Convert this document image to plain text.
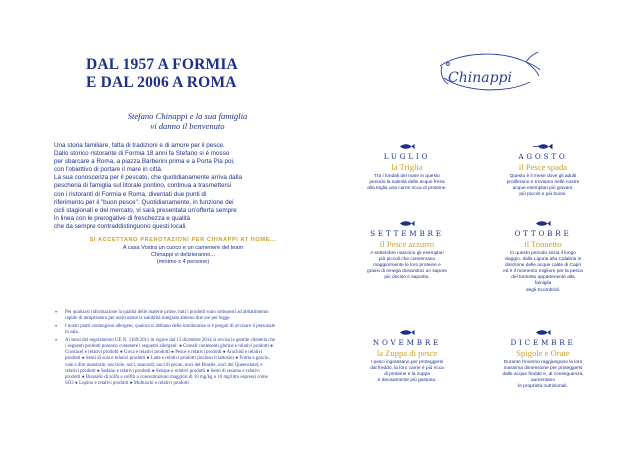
DAL 1957 A FORMIA
E DAL 2006 A ROMA
Stefano Chinappi e la sua famiglia
vi danno il benvenuto

Una storia familiare, fatta di tradizioni e di amore per il pesce.
Dallo storico ristorante di Formia 18 anni fa Stefano si è mosso
per sbarcare a Roma, a piazza Barberini prima e a Porta Pia poi,
con l'obiettivo di portare il mare in città.

La sua conoscenza per il pescato, che quotidianamente arriva dalla
pescheria di famiglia sul litorale pontino, continua a trasmettersi
con i ristoranti di Formia e Roma, diventati due punti di
riferimento per il "buon pesce". Quotidianamente, in funzione dei
cicli stagionali e del mercato, vi sarà presentata un'offerta sempre
in linea con le prerogative di freschezza e qualità
che da sempre contraddistinguono questi locali.

SI ACCETTANO PRENOTAZIONI PER CHINAPPI AT HOME...
A casa Vostra un cuoco e un cameriere del team
Chinappi vi delizieranno...
(minimo x 4 persone)
• Per qualsiasi informazione la qualità delle materie prime, tutti i prodotti sono sottoposti ad abbattimento rapido di temperatura per assicurarne la salubrità integrale almeno due ore per legge.
• I nostri piatti contengono allergeni, qualora si abbiano delle intolleranze si è pregati di avvisare il personale in sala.
• Ai sensi del regolamento UE N. 1169/2011 in vigore dal 13 dicembre 2014 si avvisa la gentile clientela che i seguenti prodotti possono contenere i seguenti allergeni: ● Cereali contenenti glutine e relativi prodotti ● Crostacei e relativi prodotti ● Uova e relativi prodotti ● Pesce e relativi prodotti ● Arachidi e relativi prodotti ● Semi di soia e relativi prodotti ● Latte e relativi prodotti (incluso il lattosio) ● Frutta a guscio, vale a dire mandorle, nocciole, noci, anacardi, noci di pecan, noci del Brasile, noci del Queensland, e relativi prodotti ● Sedano e relativi prodotti ● Senape e relativi prodotti ● Semi di sesamo e relativi prodotti ● Biossido di zolfo e solfiti a concentrazioni maggiori di 10 mg/kg o 10 mg/litro espressi come SO2 ● Lupino e relativi prodotti ● Molluschi e relativi prodotti
Chinappi
LUGLIO
la Triglia
Tra i fondali del mare in questo
periodo la salinità delle acque fresa
alla triglia una carne ricca di proteine.
AGOSTO
il Pesce spada
Questo è il mese dove gli adulti
proliferano e troviamo nelle nostre
acque esemplari più giovani,
più piccoli e più buoni.
SETTEMBRE
il Pesce azzurro
A settembre nascono gli esemplari
più piccoli che conservano
maggiormente le loro proteine e
grassi di omega donandoci un sapore
più deciso e saporito.
OTTOBRE
il Tonnetto
In questo periodo inizia il lungo
viaggio, dalla Liguria alla Calabria in
direzione delle acque calde di Capri
ed è il momento migliore per la pesca
del tonnetto appartenente alla
famiglia
degli Scombridi.
NOVEMBRE
la Zuppa di pesce
I pesci ingrassano per proteggersi
dal freddo, la loro carne è più ricca
di proteine e la zuppa
è decisamente più gustosa.
DICEMBRE
Spigole e Orate
Durante l'inverno raggiungono la loro
massima dimensione per proteggersi
dalle acque fredde e, di conseguenza,
aumentano
le proprietà nutrizionali.
